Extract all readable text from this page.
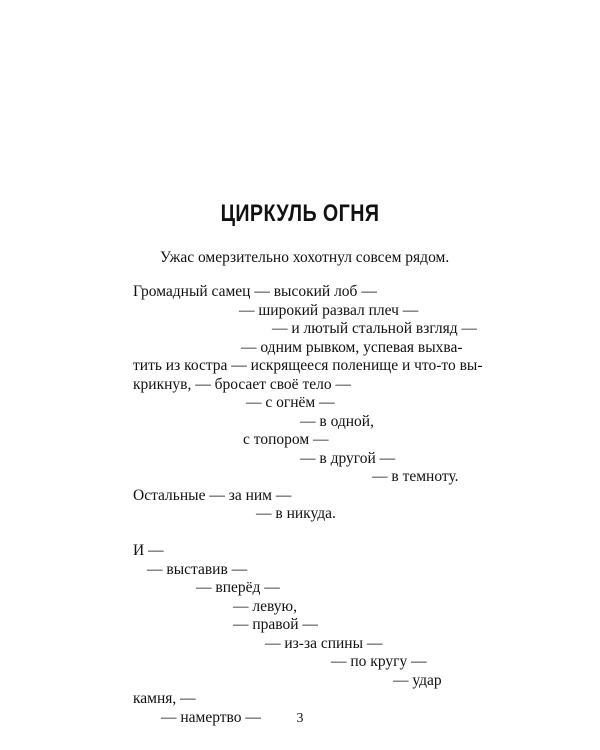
ЦИРКУЛЬ ОГНЯ
Ужас омерзительно хохотнул совсем рядом.
Громадный самец — высокий лоб —
— широкий развал плеч —
— и лютый стальной взгляд —
— одним рывком, успевая выхва-
тить из костра — искрящееся поленище и что-то вы-
крикнув, — бросает своё тело —
— с огнём —
— в одной,
с топором —
— в другой —
— в темноту.
Остальные — за ним —
— в никуда.
И —
— выставив —
— вперёд —
— левую,
— правой —
— из-за спины —
— по кругу —
— удар
камня, —
— намертво —	3
